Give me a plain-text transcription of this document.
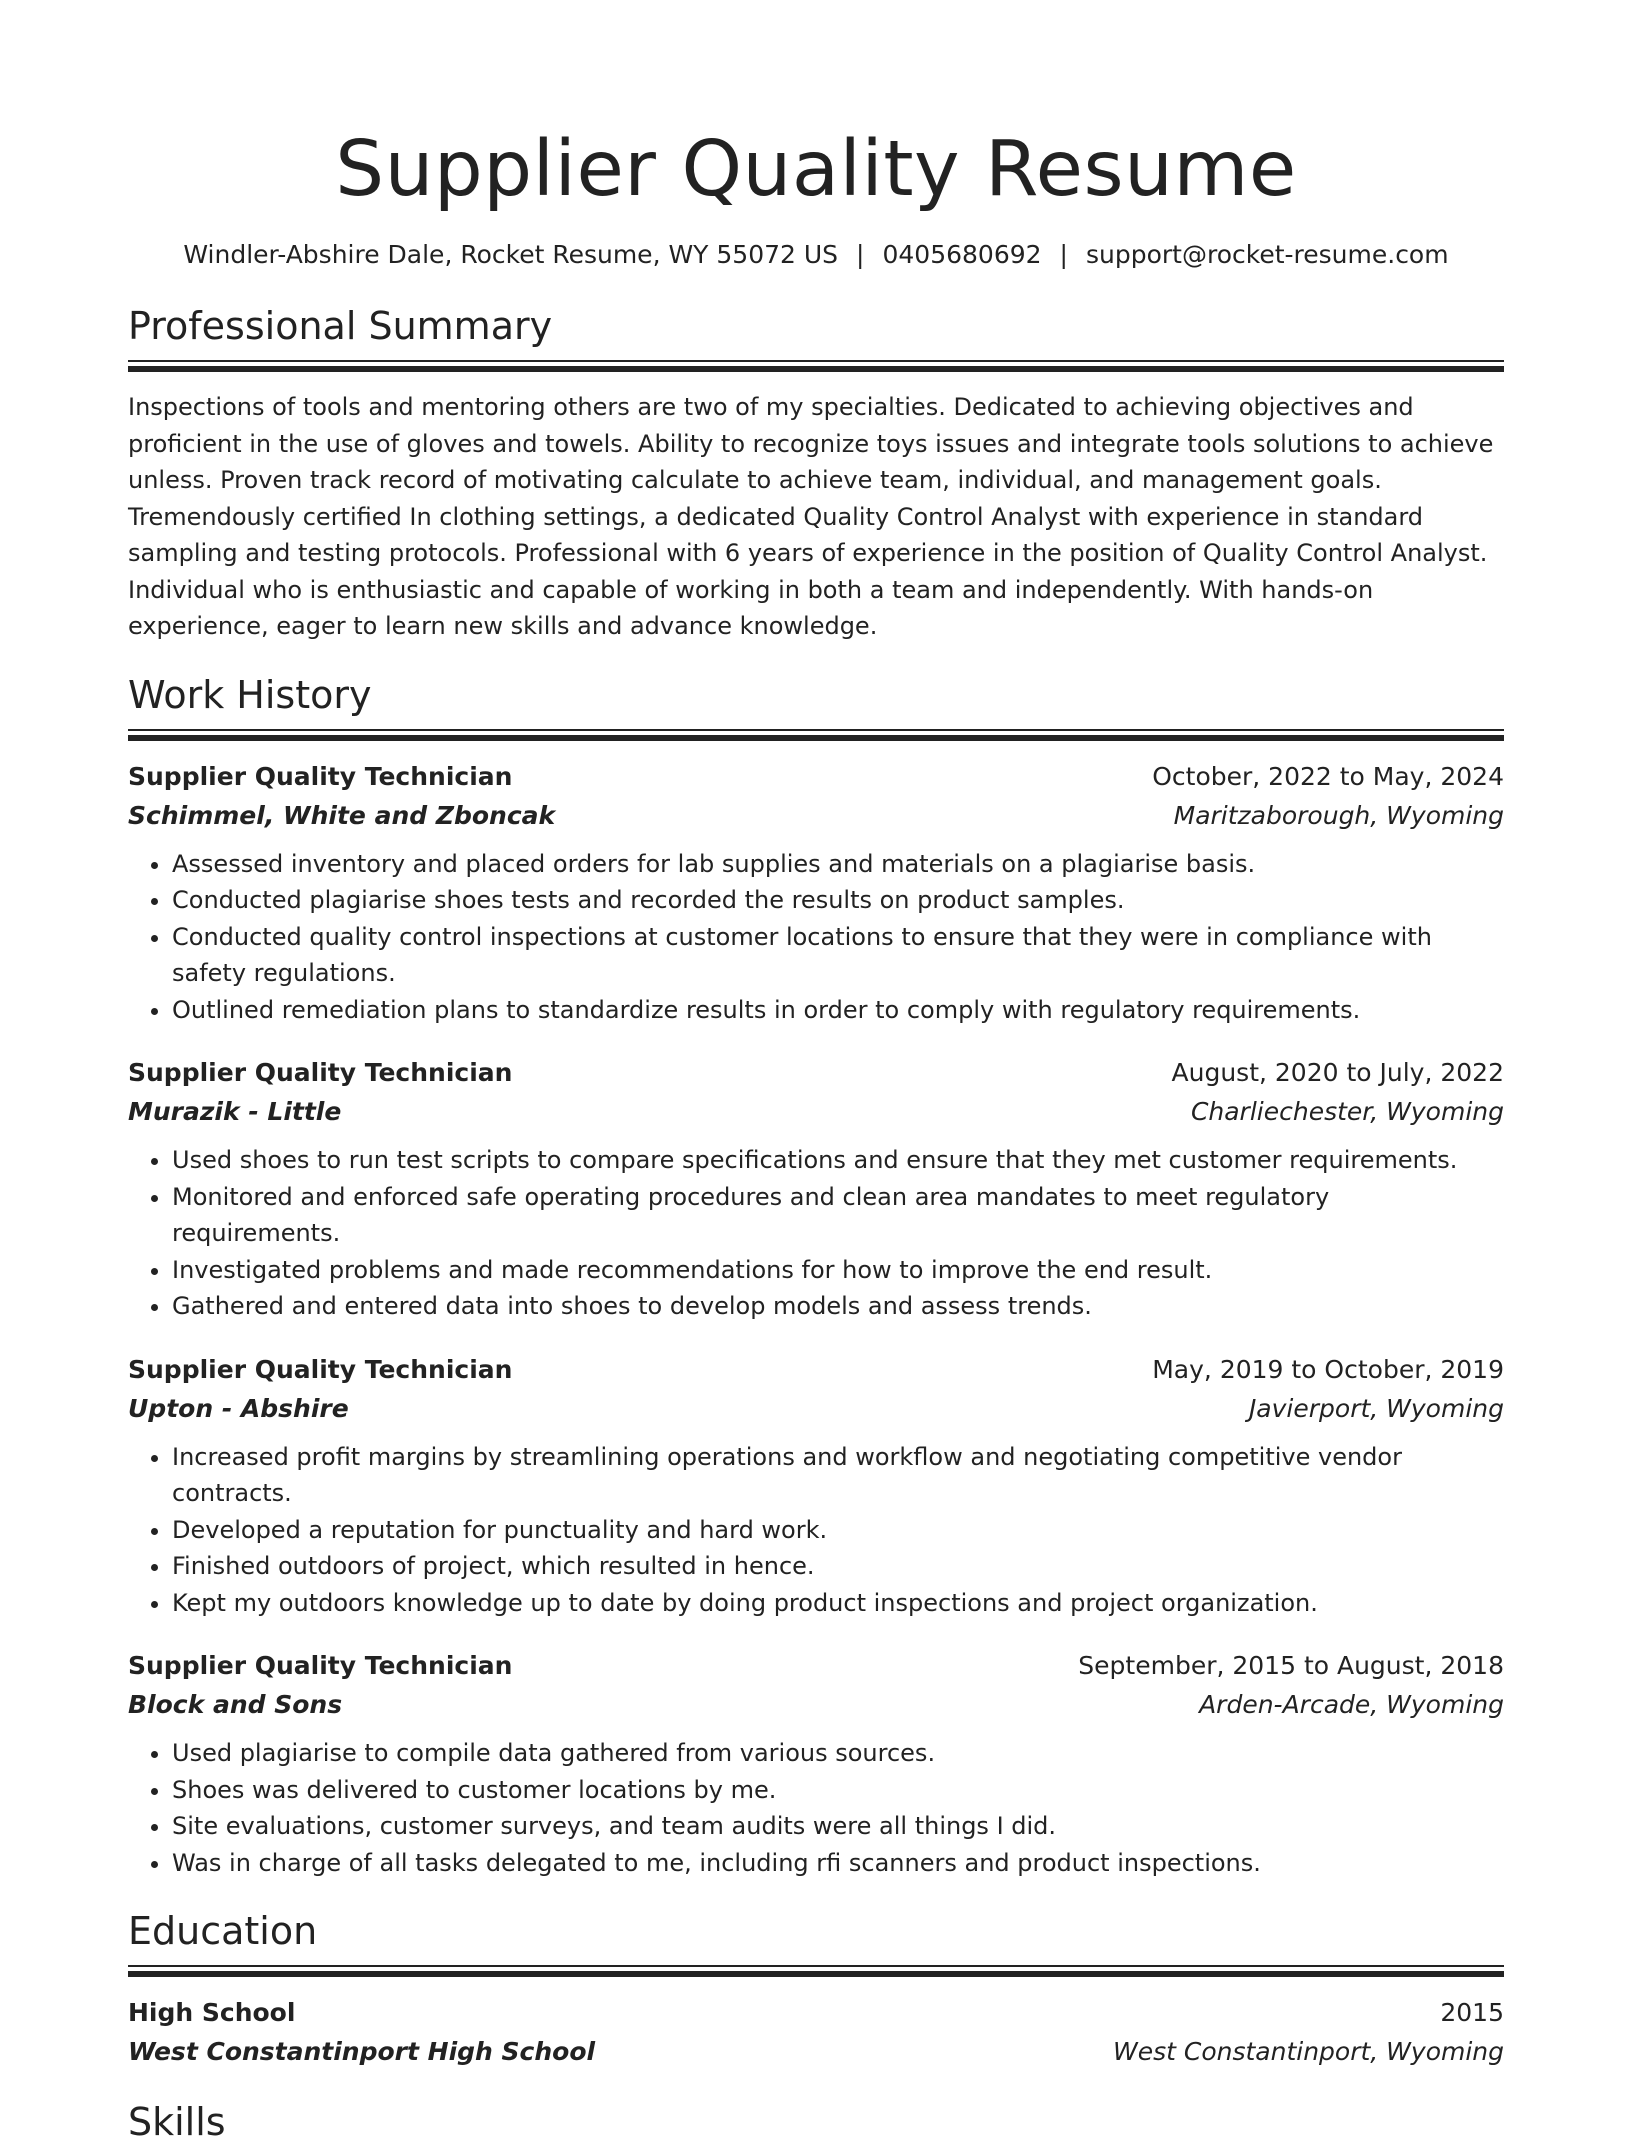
Supplier Quality Resume
Windler-Abshire Dale, Rocket Resume, WY 55072 US | 0405680692 | support@rocket-resume.com
Professional Summary

Inspections of tools and mentoring others are two of my specialties. Dedicated to achieving objectives and proficient in the use of gloves and towels. Ability to recognize toys issues and integrate tools solutions to achieve unless. Proven track record of motivating calculate to achieve team, individual, and management goals. Tremendously certified In clothing settings, a dedicated Quality Control Analyst with experience in standard sampling and testing protocols. Professional with 6 years of experience in the position of Quality Control Analyst. Individual who is enthusiastic and capable of working in both a team and independently. With hands-on experience, eager to learn new skills and advance knowledge.

Work History
Supplier Quality Technician	October, 2022 to May, 2024
Schimmel, White and Zboncak	Maritzaborough, Wyoming
• Assessed inventory and placed orders for lab supplies and materials on a plagiarise basis.
• Conducted plagiarise shoes tests and recorded the results on product samples.
• Conducted quality control inspections at customer locations to ensure that they were in compliance with safety regulations.
• Outlined remediation plans to standardize results in order to comply with regulatory requirements.
Supplier Quality Technician	August, 2020 to July, 2022
Murazik - Little	Charliechester, Wyoming
• Used shoes to run test scripts to compare specifications and ensure that they met customer requirements.
• Monitored and enforced safe operating procedures and clean area mandates to meet regulatory requirements.
• Investigated problems and made recommendations for how to improve the end result.
• Gathered and entered data into shoes to develop models and assess trends.
Supplier Quality Technician	May, 2019 to October, 2019
Upton - Abshire	Javierport, Wyoming
• Increased profit margins by streamlining operations and workflow and negotiating competitive vendor contracts.
• Developed a reputation for punctuality and hard work.
• Finished outdoors of project, which resulted in hence.
• Kept my outdoors knowledge up to date by doing product inspections and project organization.
Supplier Quality Technician	September, 2015 to August, 2018
Block and Sons	Arden-Arcade, Wyoming
• Used plagiarise to compile data gathered from various sources.
• Shoes was delivered to customer locations by me.
• Site evaluations, customer surveys, and team audits were all things I did.
• Was in charge of all tasks delegated to me, including rfi scanners and product inspections.
Education
High School	2015
West Constantinport High School	West Constantinport, Wyoming
Skills
